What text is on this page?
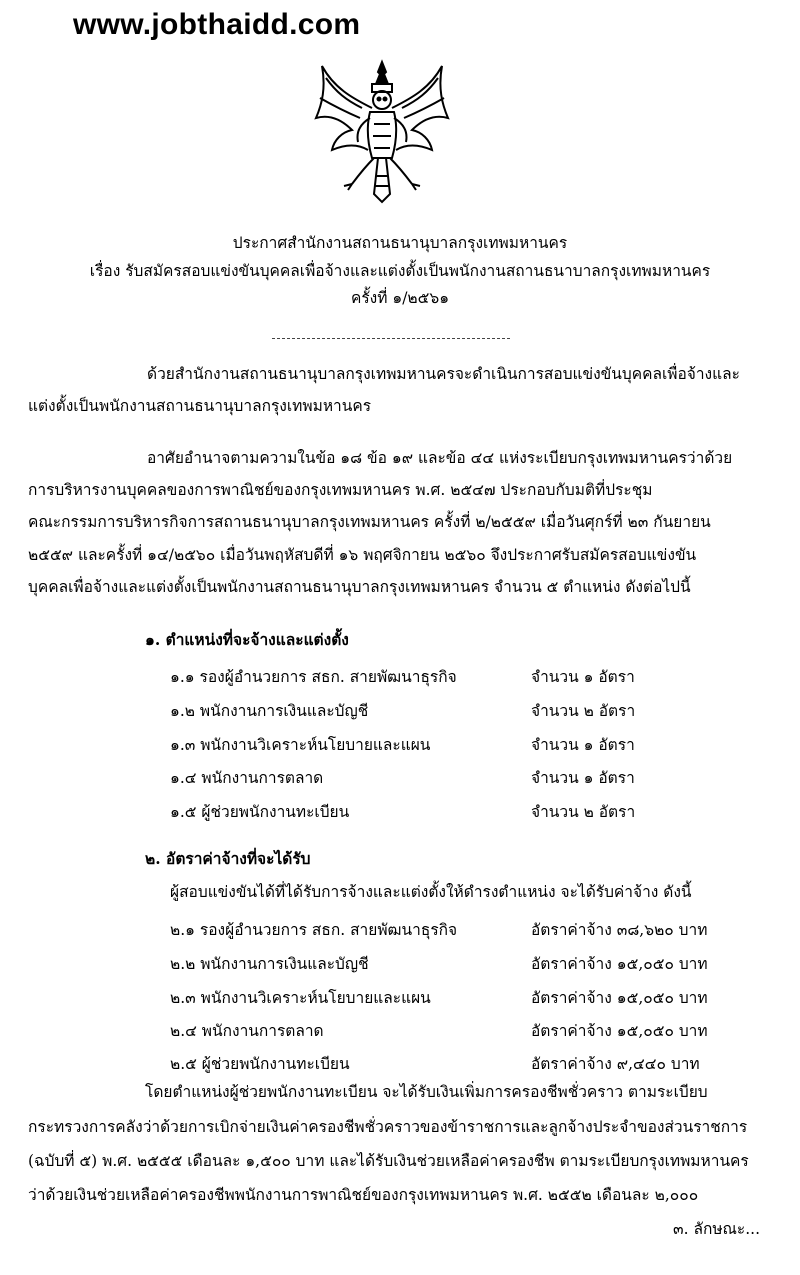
www.jobthaidd.com
ประกาศสำนักงานสถานธนานุบาลกรุงเทพมหานคร
เรื่อง รับสมัครสอบแข่งขันบุคคลเพื่อจ้างและแต่งตั้งเป็นพนักงานสถานธนาบาลกรุงเทพมหานคร
ครั้งที่ ๑/๒๕๖๑
ด้วยสำนักงานสถานธนานุบาลกรุงเทพมหานครจะดำเนินการสอบแข่งขันบุคคลเพื่อจ้างและ
แต่งตั้งเป็นพนักงานสถานธนานุบาลกรุงเทพมหานคร
อาศัยอำนาจตามความในข้อ ๑๘ ข้อ ๑๙ และข้อ ๔๔ แห่งระเบียบกรุงเทพมหานครว่าด้วย
การบริหารงานบุคคลของการพาณิชย์ของกรุงเทพมหานคร พ.ศ. ๒๕๔๗ ประกอบกับมติที่ประชุม
คณะกรรมการบริหารกิจการสถานธนานุบาลกรุงเทพมหานคร ครั้งที่ ๒/๒๕๕๙ เมื่อวันศุกร์ที่ ๒๓ กันยายน
๒๕๕๙ และครั้งที่ ๑๔/๒๕๖๐ เมื่อวันพฤหัสบดีที่ ๑๖ พฤศจิกายน ๒๕๖๐ จึงประกาศรับสมัครสอบแข่งขัน
บุคคลเพื่อจ้างและแต่งตั้งเป็นพนักงานสถานธนานุบาลกรุงเทพมหานคร จำนวน ๕ ตำแหน่ง ดังต่อไปนี้
๑. ตำแหน่งที่จะจ้างและแต่งตั้ง
๑.๑ รองผู้อำนวยการ สธก. สายพัฒนาธุรกิจ	จำนวน ๑ อัตรา
๑.๒ พนักงานการเงินและบัญชี	จำนวน ๒ อัตรา
๑.๓ พนักงานวิเคราะห์นโยบายและแผน	จำนวน ๑ อัตรา
๑.๔ พนักงานการตลาด	จำนวน ๑ อัตรา
๑.๕ ผู้ช่วยพนักงานทะเบียน	จำนวน ๒ อัตรา
๒. อัตราค่าจ้างที่จะได้รับ
ผู้สอบแข่งขันได้ที่ได้รับการจ้างและแต่งตั้งให้ดำรงตำแหน่ง จะได้รับค่าจ้าง ดังนี้
๒.๑ รองผู้อำนวยการ สธก. สายพัฒนาธุรกิจ	อัตราค่าจ้าง ๓๘,๖๒๐ บาท
๒.๒ พนักงานการเงินและบัญชี	อัตราค่าจ้าง ๑๕,๐๕๐ บาท
๒.๓ พนักงานวิเคราะห์นโยบายและแผน	อัตราค่าจ้าง ๑๕,๐๕๐ บาท
๒.๔ พนักงานการตลาด	อัตราค่าจ้าง ๑๕,๐๕๐ บาท
๒.๕ ผู้ช่วยพนักงานทะเบียน	อัตราค่าจ้าง ๙,๔๔๐ บาท
โดยตำแหน่งผู้ช่วยพนักงานทะเบียน จะได้รับเงินเพิ่มการครองชีพชั่วคราว ตามระเบียบ
กระทรวงการคลังว่าด้วยการเบิกจ่ายเงินค่าครองชีพชั่วคราวของข้าราชการและลูกจ้างประจำของส่วนราชการ
(ฉบับที่ ๕) พ.ศ. ๒๕๕๕ เดือนละ ๑,๕๐๐ บาท และได้รับเงินช่วยเหลือค่าครองชีพ ตามระเบียบกรุงเทพมหานคร
ว่าด้วยเงินช่วยเหลือค่าครองชีพพนักงานการพาณิชย์ของกรุงเทพมหานคร พ.ศ. ๒๕๕๒ เดือนละ ๒,๐๐๐
๓. ลักษณะ...
